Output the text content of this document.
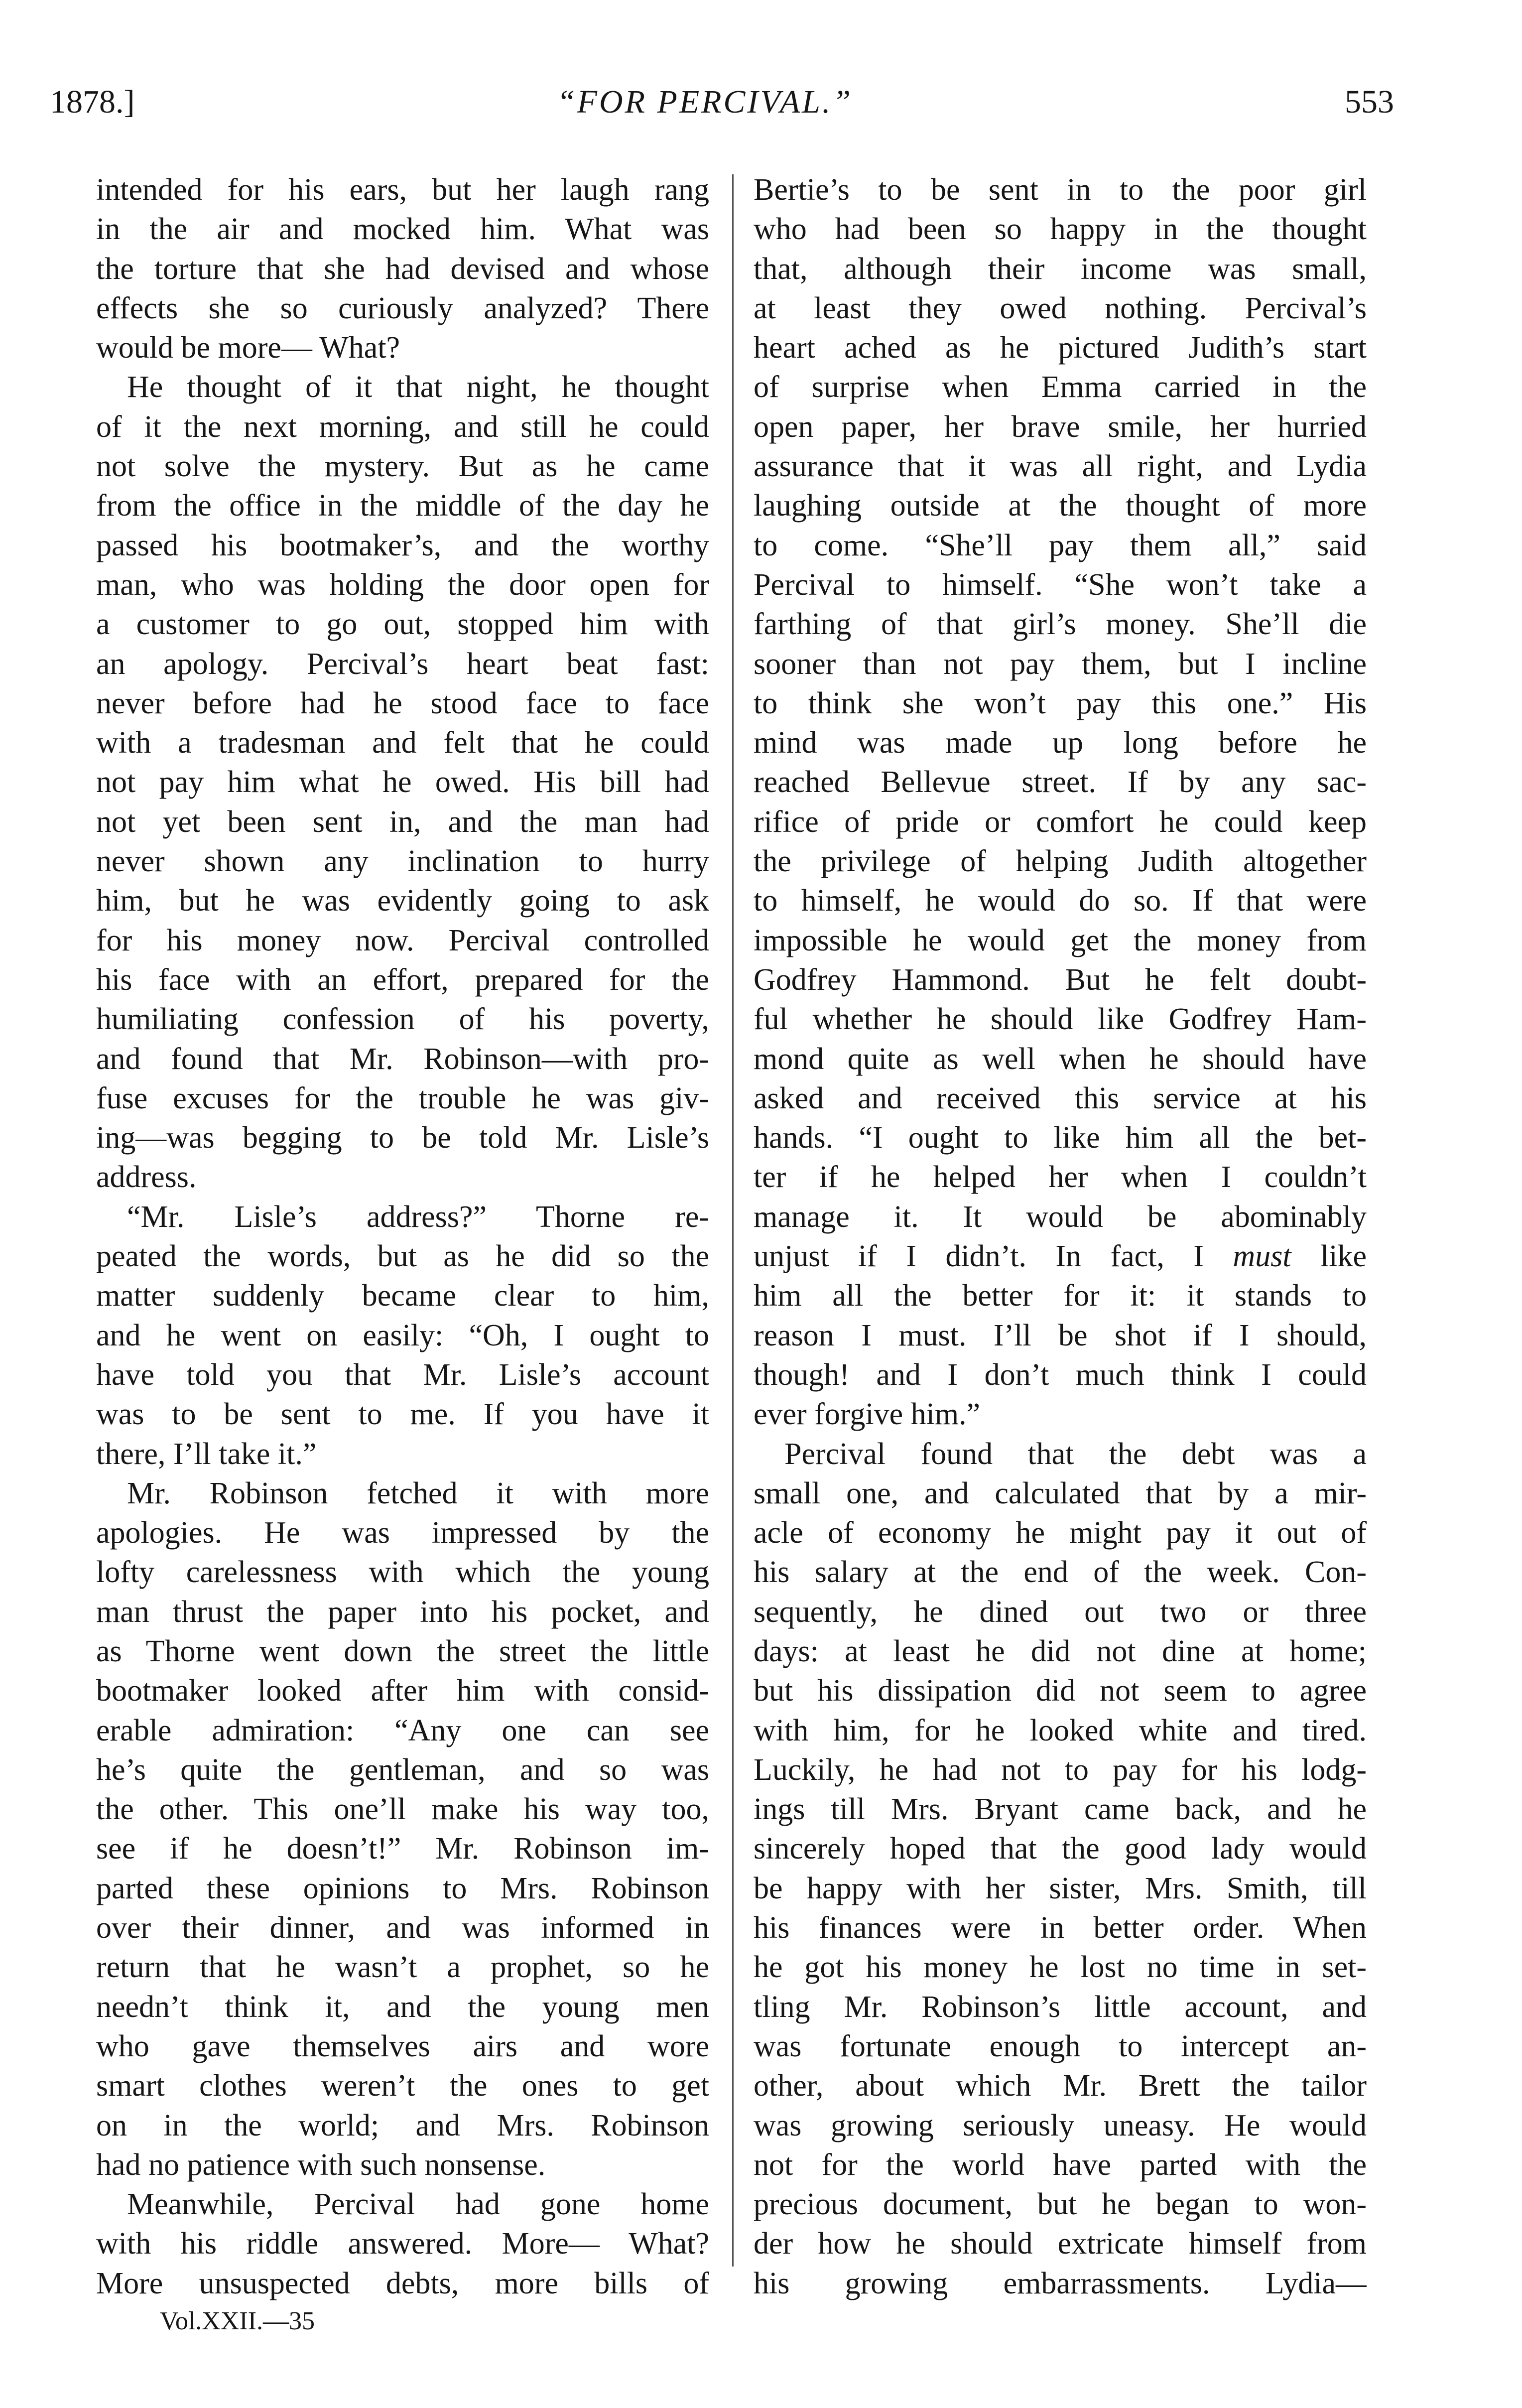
1878.]	“FOR PERCIVAL.”	553
intended for his ears, but her laugh rang
in the air and mocked him. What was
the torture that she had devised and whose
effects she so curiously analyzed? There
would be more— What?
He thought of it that night, he thought
of it the next morning, and still he could
not solve the mystery. But as he came
from the office in the middle of the day he
passed his bootmaker’s, and the worthy
man, who was holding the door open for
a customer to go out, stopped him with
an apology. Percival’s heart beat fast:
never before had he stood face to face
with a tradesman and felt that he could
not pay him what he owed. His bill had
not yet been sent in, and the man had
never shown any inclination to hurry
him, but he was evidently going to ask
for his money now. Percival controlled
his face with an effort, prepared for the
humiliating confession of his poverty,
and found that Mr. Robinson—with pro-
fuse excuses for the trouble he was giv-
ing—was begging to be told Mr. Lisle’s
address.
“Mr. Lisle’s address?” Thorne re-
peated the words, but as he did so the
matter suddenly became clear to him,
and he went on easily: “Oh, I ought to
have told you that Mr. Lisle’s account
was to be sent to me. If you have it
there, I’ll take it.”
Mr. Robinson fetched it with more
apologies. He was impressed by the
lofty carelessness with which the young
man thrust the paper into his pocket, and
as Thorne went down the street the little
bootmaker looked after him with consid-
erable admiration: “Any one can see
he’s quite the gentleman, and so was
the other. This one’ll make his way too,
see if he doesn’t!” Mr. Robinson im-
parted these opinions to Mrs. Robinson
over their dinner, and was informed in
return that he wasn’t a prophet, so he
needn’t think it, and the young men
who gave themselves airs and wore
smart clothes weren’t the ones to get
on in the world; and Mrs. Robinson
had no patience with such nonsense.
Meanwhile, Percival had gone home
with his riddle answered. More— What?
More unsuspected debts, more bills of
Bertie’s to be sent in to the poor girl
who had been so happy in the thought
that, although their income was small,
at least they owed nothing. Percival’s
heart ached as he pictured Judith’s start
of surprise when Emma carried in the
open paper, her brave smile, her hurried
assurance that it was all right, and Lydia
laughing outside at the thought of more
to come. “She’ll pay them all,” said
Percival to himself. “She won’t take a
farthing of that girl’s money. She’ll die
sooner than not pay them, but I incline
to think she won’t pay this one.” His
mind was made up long before he
reached Bellevue street. If by any sac-
rifice of pride or comfort he could keep
the privilege of helping Judith altogether
to himself, he would do so. If that were
impossible he would get the money from
Godfrey Hammond. But he felt doubt-
ful whether he should like Godfrey Ham-
mond quite as well when he should have
asked and received this service at his
hands. “I ought to like him all the bet-
ter if he helped her when I couldn’t
manage it. It would be abominably
unjust if I didn’t. In fact, I must like
him all the better for it: it stands to
reason I must. I’ll be shot if I should,
though! and I don’t much think I could
ever forgive him.”
Percival found that the debt was a
small one, and calculated that by a mir-
acle of economy he might pay it out of
his salary at the end of the week. Con-
sequently, he dined out two or three
days: at least he did not dine at home;
but his dissipation did not seem to agree
with him, for he looked white and tired.
Luckily, he had not to pay for his lodg-
ings till Mrs. Bryant came back, and he
sincerely hoped that the good lady would
be happy with her sister, Mrs. Smith, till
his finances were in better order. When
he got his money he lost no time in set-
tling Mr. Robinson’s little account, and
was fortunate enough to intercept an-
other, about which Mr. Brett the tailor
was growing seriously uneasy. He would
not for the world have parted with the
precious document, but he began to won-
der how he should extricate himself from
his growing embarrassments. Lydia—
Vol.XXII.—35
